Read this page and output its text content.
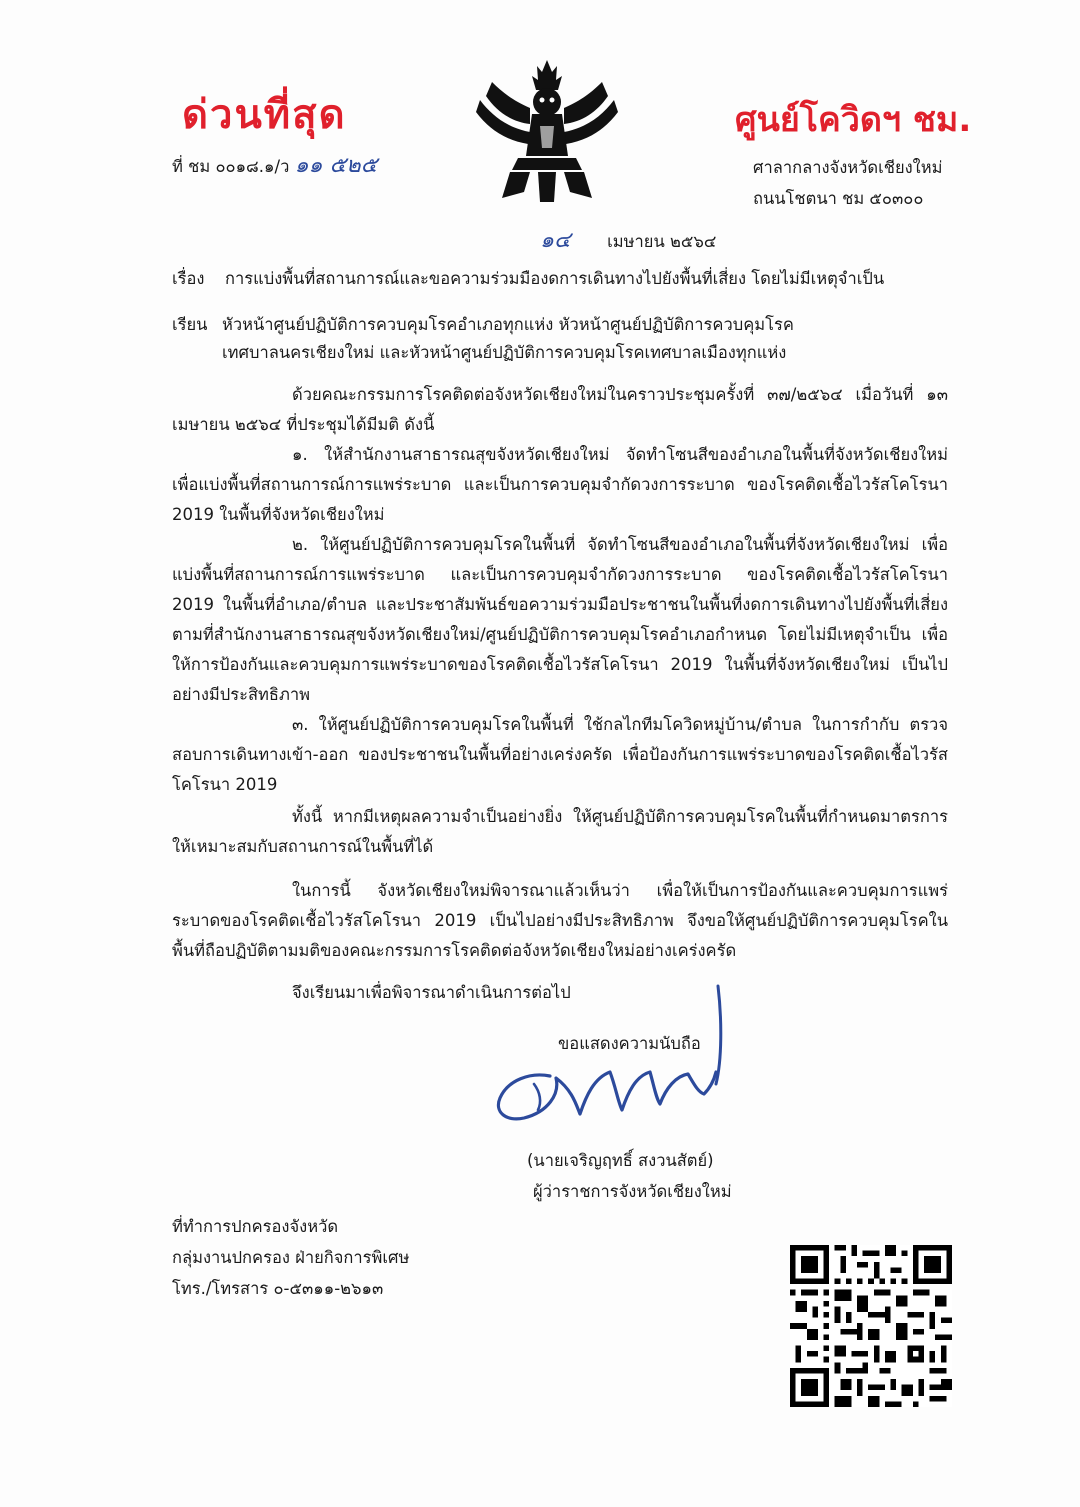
ด่วนที่สุด	ศูนย์โควิดฯ ชม.
ที่ ชม ๐๐๑๘.๑/ว ๑๑ ๕๒๕	ศาลากลางจังหวัดเชียงใหม่
ถนนโชตนา ชม ๕๐๓๐๐
๑๔ เมษายน ๒๕๖๔
เรื่อง การแบ่งพื้นที่สถานการณ์และขอความร่วมมืองดการเดินทางไปยังพื้นที่เสี่ยง โดยไม่มีเหตุจำเป็น
เรียน หัวหน้าศูนย์ปฏิบัติการควบคุมโรคอำเภอทุกแห่ง หัวหน้าศูนย์ปฏิบัติการควบคุมโรค
เทศบาลนครเชียงใหม่ และหัวหน้าศูนย์ปฏิบัติการควบคุมโรคเทศบาลเมืองทุกแห่ง
ด้วยคณะกรรมการโรคติดต่อจังหวัดเชียงใหม่ในคราวประชุมครั้งที่ ๓๗/๒๕๖๔ เมื่อวันที่ ๑๓ เมษายน ๒๕๖๔ ที่ประชุมได้มีมติ ดังนี้
๑. ให้สำนักงานสาธารณสุขจังหวัดเชียงใหม่ จัดทำโซนสีของอำเภอในพื้นที่จังหวัดเชียงใหม่ เพื่อแบ่งพื้นที่สถานการณ์การแพร่ระบาด และเป็นการควบคุมจำกัดวงการระบาด ของโรคติดเชื้อไวรัสโคโรนา 2019 ในพื้นที่จังหวัดเชียงใหม่
๒. ให้ศูนย์ปฏิบัติการควบคุมโรคในพื้นที่ จัดทำโซนสีของอำเภอในพื้นที่จังหวัดเชียงใหม่ เพื่อแบ่งพื้นที่สถานการณ์การแพร่ระบาด และเป็นการควบคุมจำกัดวงการระบาด ของโรคติดเชื้อไวรัสโคโรนา 2019 ในพื้นที่อำเภอ/ตำบล และประชาสัมพันธ์ขอความร่วมมือประชาชนในพื้นที่งดการเดินทางไปยังพื้นที่เสี่ยง ตามที่สำนักงานสาธารณสุขจังหวัดเชียงใหม่/ศูนย์ปฏิบัติการควบคุมโรคอำเภอกำหนด โดยไม่มีเหตุจำเป็น เพื่อให้การป้องกันและควบคุมการแพร่ระบาดของโรคติดเชื้อไวรัสโคโรนา 2019 ในพื้นที่จังหวัดเชียงใหม่ เป็นไปอย่างมีประสิทธิภาพ
๓. ให้ศูนย์ปฏิบัติการควบคุมโรคในพื้นที่ ใช้กลไกทีมโควิดหมู่บ้าน/ตำบล ในการกำกับ ตรวจสอบการเดินทางเข้า-ออก ของประชาชนในพื้นที่อย่างเคร่งครัด เพื่อป้องกันการแพร่ระบาดของโรคติดเชื้อไวรัสโคโรนา 2019
ทั้งนี้ หากมีเหตุผลความจำเป็นอย่างยิ่ง ให้ศูนย์ปฏิบัติการควบคุมโรคในพื้นที่กำหนดมาตรการให้เหมาะสมกับสถานการณ์ในพื้นที่ได้
ในการนี้ จังหวัดเชียงใหม่พิจารณาแล้วเห็นว่า เพื่อให้เป็นการป้องกันและควบคุมการแพร่ระบาดของโรคติดเชื้อไวรัสโคโรนา 2019 เป็นไปอย่างมีประสิทธิภาพ จึงขอให้ศูนย์ปฏิบัติการควบคุมโรคในพื้นที่ถือปฏิบัติตามมติของคณะกรรมการโรคติดต่อจังหวัดเชียงใหม่อย่างเคร่งครัด
จึงเรียนมาเพื่อพิจารณาดำเนินการต่อไป
ขอแสดงความนับถือ
(นายเจริญฤทธิ์ สงวนสัตย์)
ผู้ว่าราชการจังหวัดเชียงใหม่
ที่ทำการปกครองจังหวัด
กลุ่มงานปกครอง ฝ่ายกิจการพิเศษ
โทร./โทรสาร ๐-๕๓๑๑-๒๖๑๓
